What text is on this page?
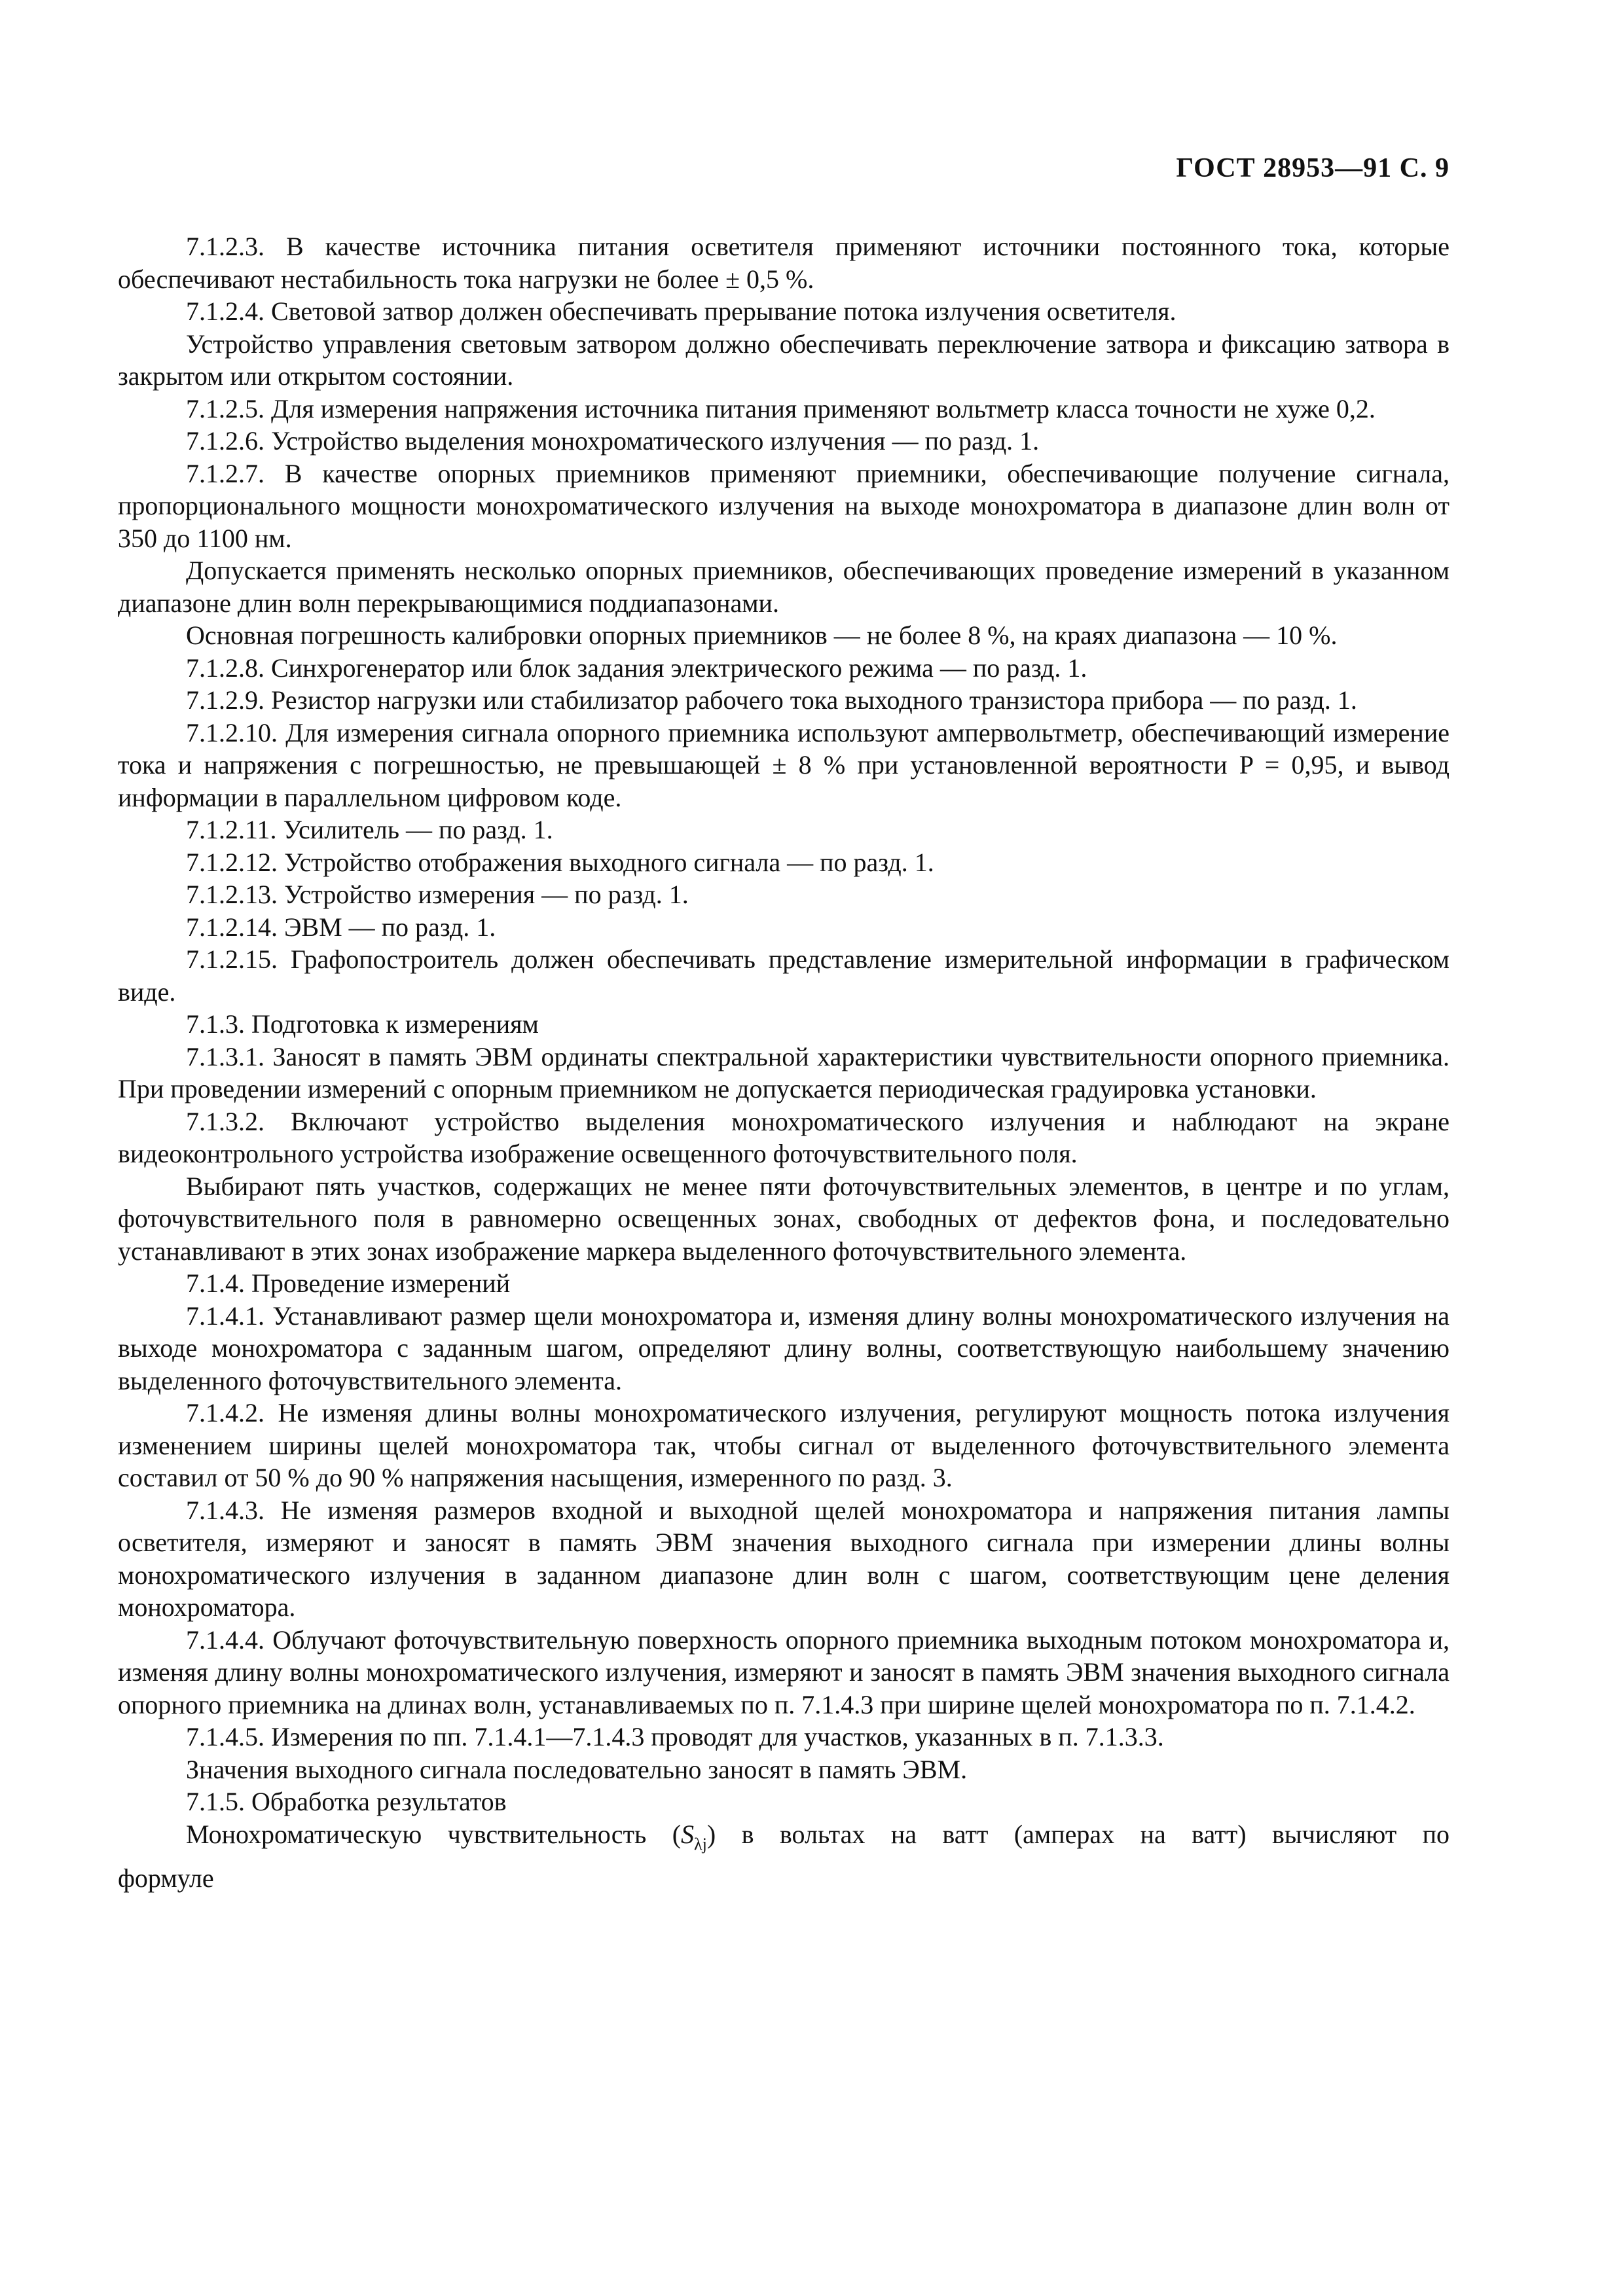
ГОСТ 28953—91 С. 9

7.1.2.3. В качестве источника питания осветителя применяют источники постоянного тока, которые обеспечивают нестабильность тока нагрузки не более ± 0,5 %.

7.1.2.4. Световой затвор должен обеспечивать прерывание потока излучения осветителя.

Устройство управления световым затвором должно обеспечивать переключение затвора и фиксацию затвора в закрытом или открытом состоянии.

7.1.2.5. Для измерения напряжения источника питания применяют вольтметр класса точности не хуже 0,2.

7.1.2.6. Устройство выделения монохроматического излучения — по разд. 1.

7.1.2.7. В качестве опорных приемников применяют приемники, обеспечивающие получение сигнала, пропорционального мощности монохроматического излучения на выходе монохроматора в диапазоне длин волн от 350 до 1100 нм.

Допускается применять несколько опорных приемников, обеспечивающих проведение измерений в указанном диапазоне длин волн перекрывающимися поддиапазонами.

Основная погрешность калибровки опорных приемников — не более 8 %, на краях диапазона — 10 %.

7.1.2.8. Синхрогенератор или блок задания электрического режима — по разд. 1.

7.1.2.9. Резистор нагрузки или стабилизатор рабочего тока выходного транзистора прибора — по разд. 1.

7.1.2.10. Для измерения сигнала опорного приемника используют ампервольтметр, обеспечивающий измерение тока и напряжения с погрешностью, не превышающей ± 8 % при установленной вероятности P = 0,95, и вывод информации в параллельном цифровом коде.

7.1.2.11. Усилитель — по разд. 1.

7.1.2.12. Устройство отображения выходного сигнала — по разд. 1.

7.1.2.13. Устройство измерения — по разд. 1.

7.1.2.14. ЭВМ — по разд. 1.

7.1.2.15. Графопостроитель должен обеспечивать представление измерительной информации в графическом виде.

7.1.3. Подготовка к измерениям

7.1.3.1. Заносят в память ЭВМ ординаты спектральной характеристики чувствительности опорного приемника. При проведении измерений с опорным приемником не допускается периодическая градуировка установки.

7.1.3.2. Включают устройство выделения монохроматического излучения и наблюдают на экране видеоконтрольного устройства изображение освещенного фоточувствительного поля.

Выбирают пять участков, содержащих не менее пяти фоточувствительных элементов, в центре и по углам, фоточувствительного поля в равномерно освещенных зонах, свободных от дефектов фона, и последовательно устанавливают в этих зонах изображение маркера выделенного фоточувствительного элемента.

7.1.4. Проведение измерений

7.1.4.1. Устанавливают размер щели монохроматора и, изменяя длину волны монохроматического излучения на выходе монохроматора с заданным шагом, определяют длину волны, соответствующую наибольшему значению выделенного фоточувствительного элемента.

7.1.4.2. Не изменяя длины волны монохроматического излучения, регулируют мощность потока излучения изменением ширины щелей монохроматора так, чтобы сигнал от выделенного фоточувствительного элемента составил от 50 % до 90 % напряжения насыщения, измеренного по разд. 3.

7.1.4.3. Не изменяя размеров входной и выходной щелей монохроматора и напряжения питания лампы осветителя, измеряют и заносят в память ЭВМ значения выходного сигнала при измерении длины волны монохроматического излучения в заданном диапазоне длин волн с шагом, соответствующим цене деления монохроматора.

7.1.4.4. Облучают фоточувствительную поверхность опорного приемника выходным потоком монохроматора и, изменяя длину волны монохроматического излучения, измеряют и заносят в память ЭВМ значения выходного сигнала опорного приемника на длинах волн, устанавливаемых по п. 7.1.4.3 при ширине щелей монохроматора по п. 7.1.4.2.

7.1.4.5. Измерения по пп. 7.1.4.1—7.1.4.3 проводят для участков, указанных в п. 7.1.3.3.

Значения выходного сигнала последовательно заносят в память ЭВМ.

7.1.5. Обработка результатов

Монохроматическую чувствительность $(S_{\lambda j})$ в вольтах на ватт (амперах на ватт) вычисляют по

формуле
